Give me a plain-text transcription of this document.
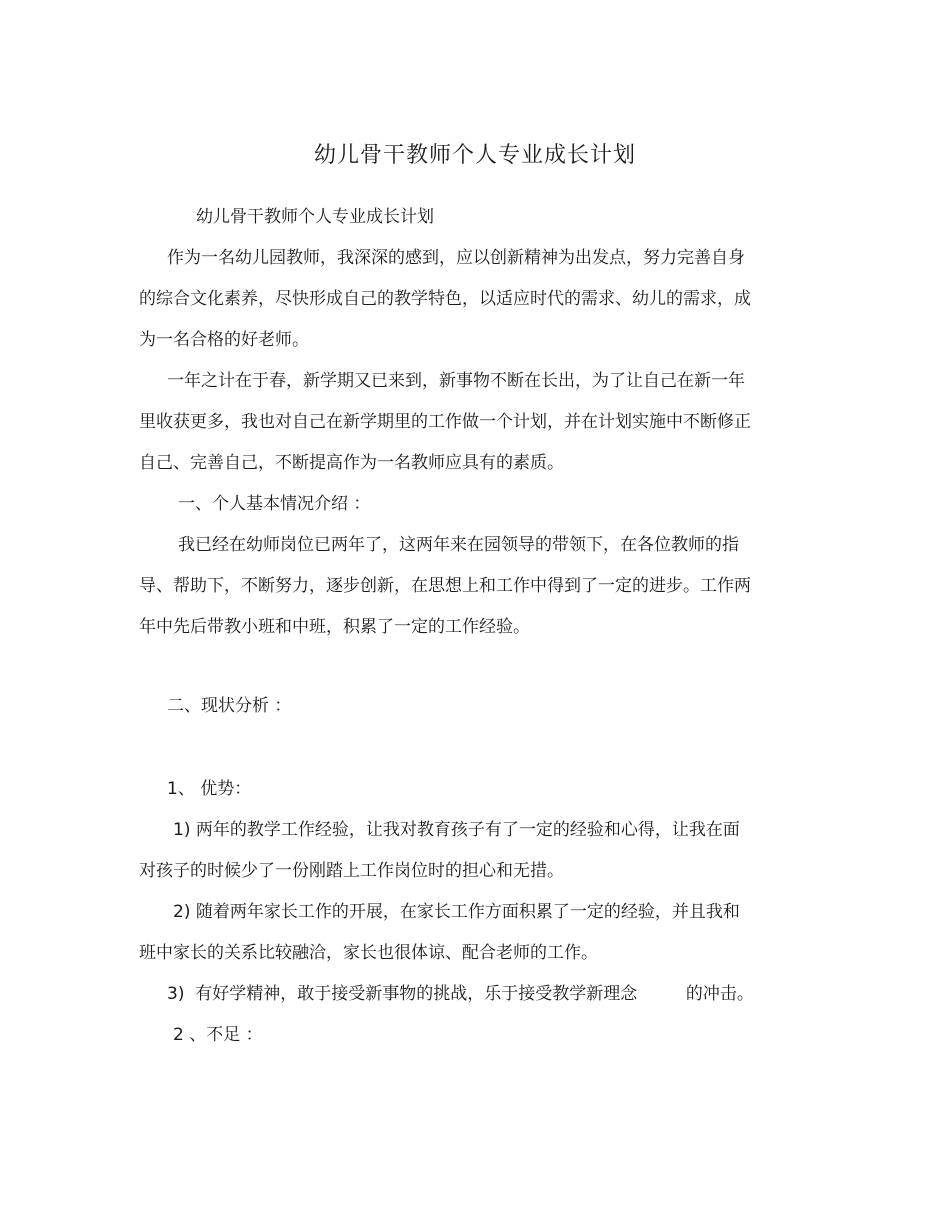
幼儿骨干教师个人专业成长计划
幼儿骨干教师个人专业成长计划
作为一名幼儿园教师，我深深的感到，应以创新精神为出发点，努力完善自身
的综合文化素养，尽快形成自己的教学特色，以适应时代的需求、幼儿的需求，成
为一名合格的好老师。
一年之计在于春，新学期又已来到，新事物不断在长出，为了让自己在新一年
里收获更多，我也对自己在新学期里的工作做一个计划，并在计划实施中不断修正
自己、完善自己，不断提高作为一名教师应具有的素质。
一、个人基本情况介绍 ：
我已经在幼师岗位已两年了，这两年来在园领导的带领下，在各位教师的指
导、帮助下，不断努力，逐步创新，在思想上和工作中得到了一定的进步。工作两
年中先后带教小班和中班，积累了一定的工作经验。
二、现状分析 ：
1、 优势：
1) 两年的教学工作经验，让我对教育孩子有了一定的经验和心得，让我在面
对孩子的时候少了一份刚踏上工作岗位时的担心和无措。
2) 随着两年家长工作的开展，在家长工作方面积累了一定的经验，并且我和
班中家长的关系比较融洽，家长也很体谅、配合老师的工作。
3)  有好学精神，敢于接受新事物的挑战，乐于接受教学新理念         的冲击。
2 、不足 ：
